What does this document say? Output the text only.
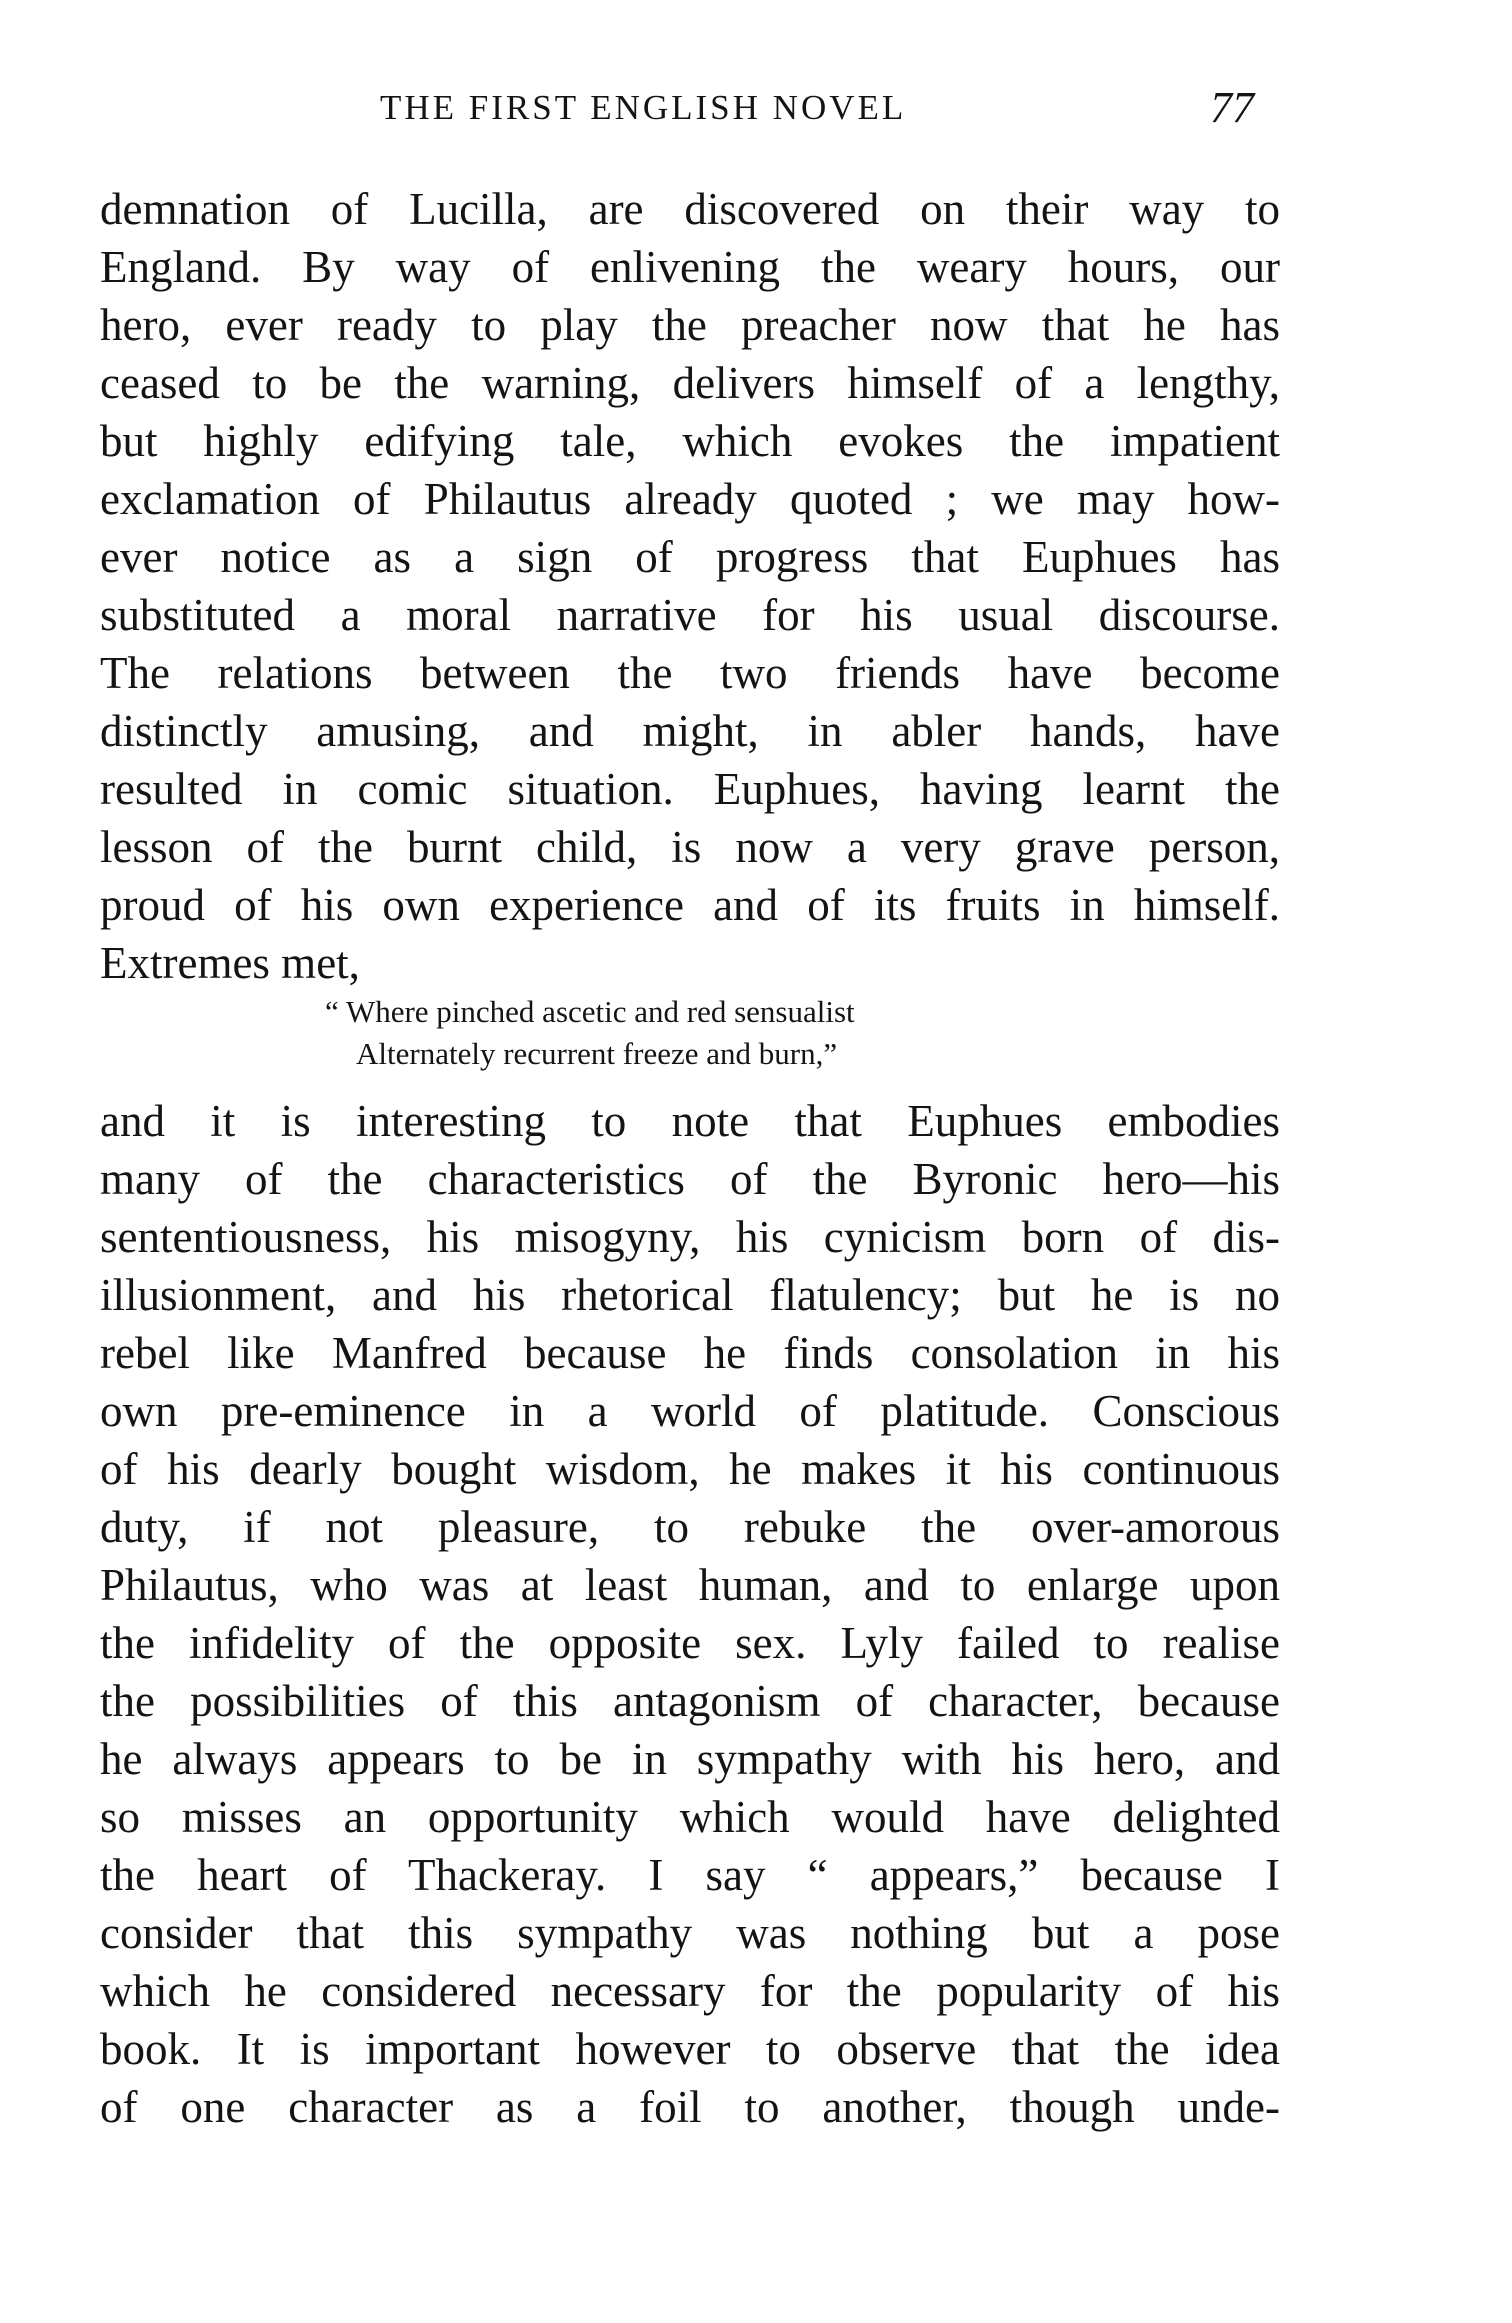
THE FIRST ENGLISH NOVEL	77
demnation of Lucilla, are discovered on their way to
England. By way of enlivening the weary hours, our
hero, ever ready to play the preacher now that he has
ceased to be the warning, delivers himself of a lengthy,
but highly edifying tale, which evokes the impatient
exclamation of Philautus already quoted ; we may how-
ever notice as a sign of progress that Euphues has
substituted a moral narrative for his usual discourse.
The relations between the two friends have become
distinctly amusing, and might, in abler hands, have
resulted in comic situation. Euphues, having learnt the
lesson of the burnt child, is now a very grave person,
proud of his own experience and of its fruits in himself.
Extremes met,
“ Where pinched ascetic and red sensualist
Alternately recurrent freeze and burn,”
and it is interesting to note that Euphues embodies
many of the characteristics of the Byronic hero—his
sententiousness, his misogyny, his cynicism born of dis-
illusionment, and his rhetorical flatulency; but he is no
rebel like Manfred because he finds consolation in his
own pre-eminence in a world of platitude. Conscious
of his dearly bought wisdom, he makes it his continuous
duty, if not pleasure, to rebuke the over-amorous
Philautus, who was at least human, and to enlarge upon
the infidelity of the opposite sex. Lyly failed to realise
the possibilities of this antagonism of character, because
he always appears to be in sympathy with his hero, and
so misses an opportunity which would have delighted
the heart of Thackeray. I say “ appears,” because I
consider that this sympathy was nothing but a pose
which he considered necessary for the popularity of his
book. It is important however to observe that the idea
of one character as a foil to another, though unde-
